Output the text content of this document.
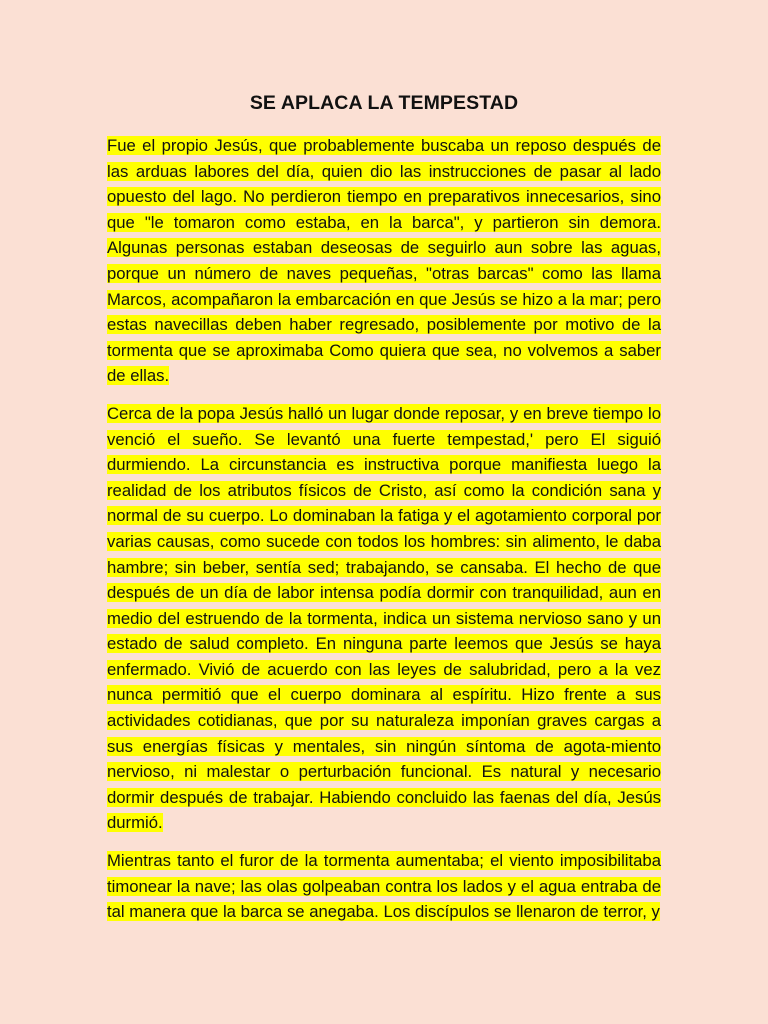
SE APLACA LA TEMPESTAD

Fue el propio Jesús, que probablemente buscaba un reposo después de las arduas labores del día, quien dio las instrucciones de pasar al lado opuesto del lago. No perdieron tiempo en preparativos innecesarios, sino que "le tomaron como estaba, en la barca", y partieron sin demora. Algunas personas estaban deseosas de seguirlo aun sobre las aguas, porque un número de naves pequeñas, "otras barcas" como las llama Marcos, acompañaron la embarcación en que Jesús se hizo a la mar; pero estas navecillas deben haber regresado, posiblemente por motivo de la tormenta que se aproximaba Como quiera que sea, no volvemos a saber de ellas.

Cerca de la popa Jesús halló un lugar donde reposar, y en breve tiempo lo venció el sueño. Se levantó una fuerte tempestad,' pero El siguió durmiendo. La circunstancia es instructiva porque manifiesta luego la realidad de los atributos físicos de Cristo, así como la condición sana y normal de su cuerpo. Lo dominaban la fatiga y el agotamiento corporal por varias causas, como sucede con todos los hombres: sin alimento, le daba hambre; sin beber, sentía sed; trabajando, se cansaba. El hecho de que después de un día de labor intensa podía dormir con tranquilidad, aun en medio del estruendo de la tormenta, indica un sistema nervioso sano y un estado de salud completo. En ninguna parte leemos que Jesús se haya enfermado. Vivió de acuerdo con las leyes de salubridad, pero a la vez nunca permitió que el cuerpo dominara al espíritu. Hizo frente a sus actividades cotidianas, que por su naturaleza imponían graves cargas a sus energías físicas y mentales, sin ningún síntoma de agota-miento nervioso, ni malestar o perturbación funcional. Es natural y necesario dormir después de trabajar. Habiendo concluido las faenas del día, Jesús durmió.

Mientras tanto el furor de la tormenta aumentaba; el viento imposibilitaba timonear la nave; las olas golpeaban contra los lados y el agua entraba de tal manera que la barca se anegaba. Los discípulos se llenaron de terror, y
